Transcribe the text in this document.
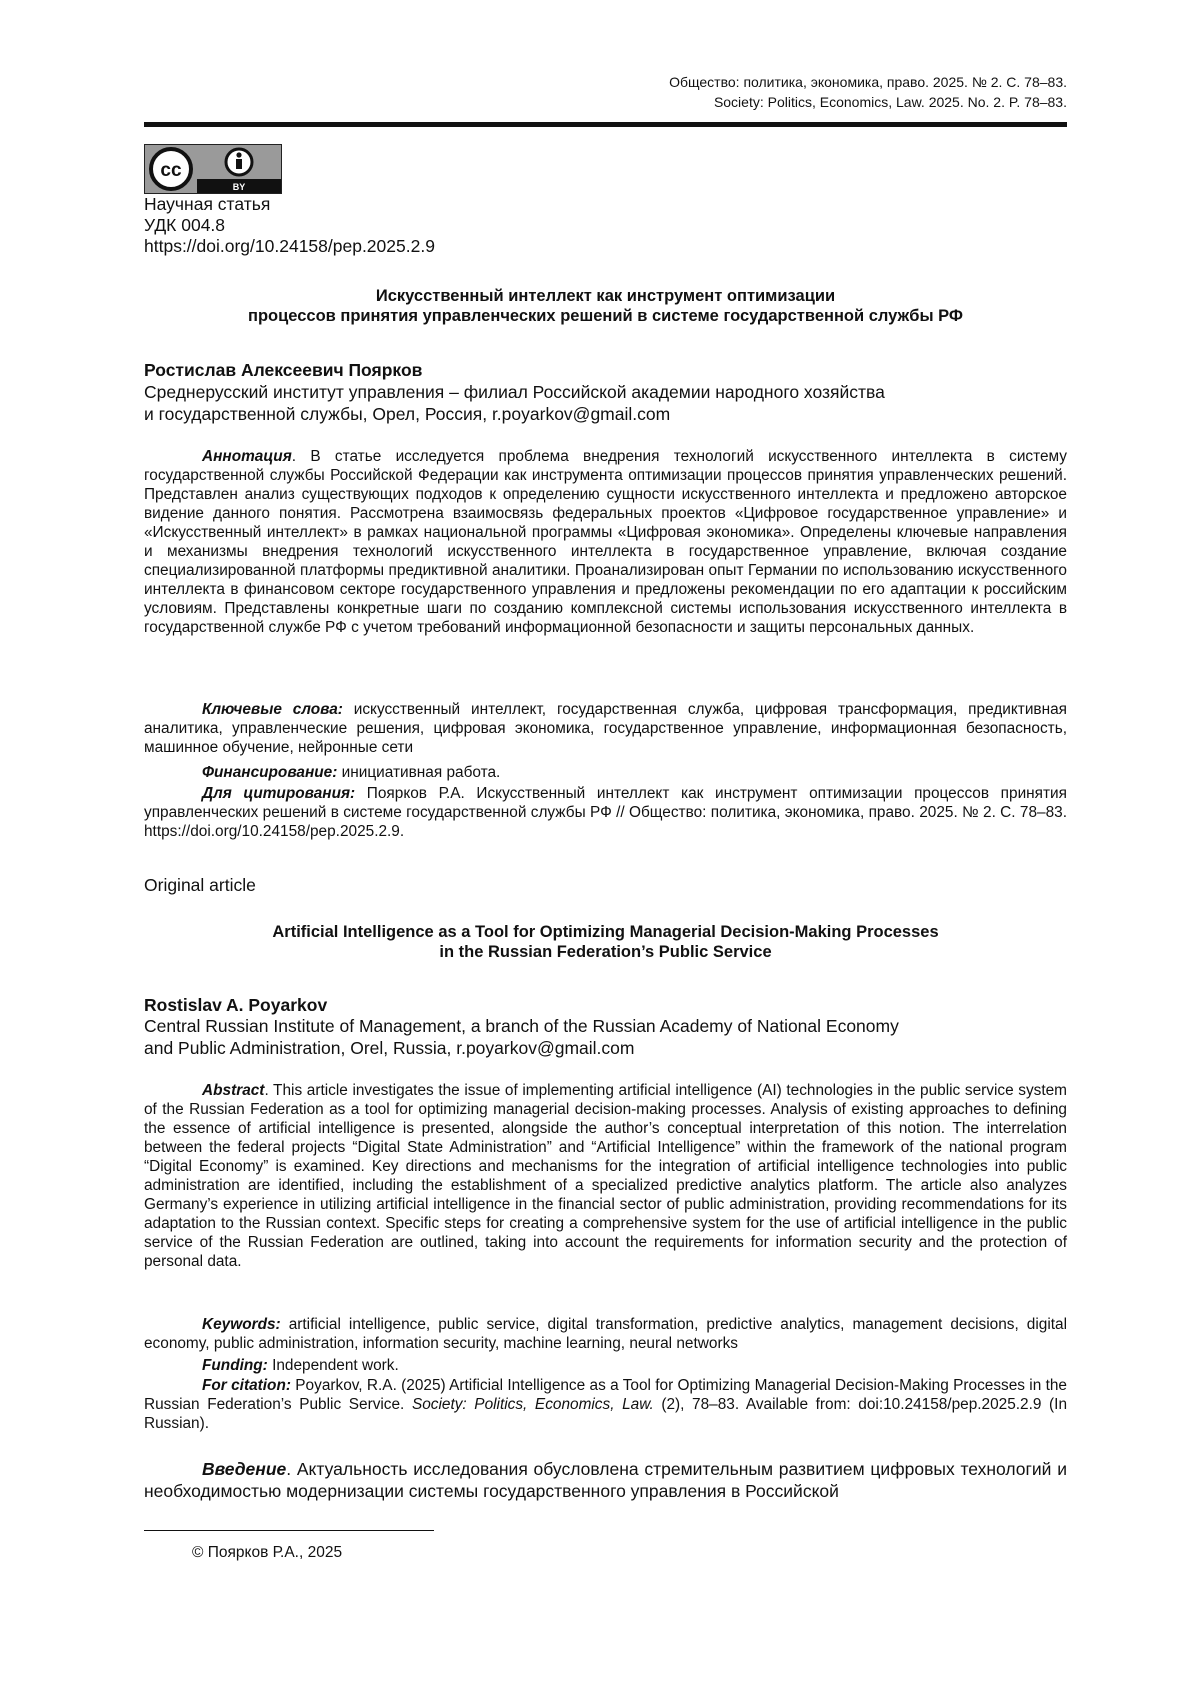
Общество: политика, экономика, право. 2025. № 2. С. 78–83.
Society: Politics, Economics, Law. 2025. No. 2. P. 78–83.
cc
BY
Научная статья
УДК 004.8
https://doi.org/10.24158/pep.2025.2.9
Искусственный интеллект как инструмент оптимизации
процессов принятия управленческих решений в системе государственной службы РФ
Ростислав Алексеевич Поярков
Среднерусский институт управления – филиал Российской академии народного хозяйства
и государственной службы, Орел, Россия, r.poyarkov@gmail.com
Аннотация. В статье исследуется проблема внедрения технологий искусственного интеллекта в систему государственной службы Российской Федерации как инструмента оптимизации процессов принятия управленческих решений. Представлен анализ существующих подходов к определению сущности искусственного интеллекта и предложено авторское видение данного понятия. Рассмотрена взаимосвязь федеральных проектов «Цифровое государственное управление» и «Искусственный интеллект» в рамках национальной программы «Цифровая экономика». Определены ключевые направления и механизмы внедрения технологий искусственного интеллекта в государственное управление, включая создание специализированной платформы предиктивной аналитики. Проанализирован опыт Германии по использованию искусственного интеллекта в финансовом секторе государственного управления и предложены рекомендации по его адаптации к российским условиям. Представлены конкретные шаги по созданию комплексной системы использования искусственного интеллекта в государственной службе РФ с учетом требований информационной безопасности и защиты персональных данных.
Ключевые слова: искусственный интеллект, государственная служба, цифровая трансформация, предиктивная аналитика, управленческие решения, цифровая экономика, государственное управление, информационная безопасность, машинное обучение, нейронные сети
Финансирование: инициативная работа.
Для цитирования: Поярков Р.А. Искусственный интеллект как инструмент оптимизации процессов принятия управленческих решений в системе государственной службы РФ // Общество: политика, экономика, право. 2025. № 2. С. 78–83. https://doi.org/10.24158/pep.2025.2.9.
Original article
Artificial Intelligence as a Tool for Optimizing Managerial Decision-Making Processes
in the Russian Federation’s Public Service
Rostislav A. Poyarkov
Central Russian Institute of Management, a branch of the Russian Academy of National Economy
and Public Administration, Orel, Russia, r.poyarkov@gmail.com
Abstract. This article investigates the issue of implementing artificial intelligence (AI) technologies in the public service system of the Russian Federation as a tool for optimizing managerial decision-making processes. Analysis of existing approaches to defining the essence of artificial intelligence is presented, alongside the author’s conceptual interpretation of this notion. The interrelation between the federal projects “Digital State Administration” and “Artificial Intelligence” within the framework of the national program “Digital Economy” is examined. Key directions and mechanisms for the integration of artificial intelligence technologies into public administration are identified, including the establishment of a specialized predictive analytics platform. The article also analyzes Germany’s experience in utilizing artificial intelligence in the financial sector of public administration, providing recommendations for its adaptation to the Russian context. Specific steps for creating a comprehensive system for the use of artificial intelligence in the public service of the Russian Federation are outlined, taking into account the requirements for information security and the protection of personal data.
Keywords: artificial intelligence, public service, digital transformation, predictive analytics, management decisions, digital economy, public administration, information security, machine learning, neural networks
Funding: Independent work.
For citation: Poyarkov, R.A. (2025) Artificial Intelligence as a Tool for Optimizing Managerial Decision-Making Processes in the Russian Federation’s Public Service. Society: Politics, Economics, Law. (2), 78–83. Available from: doi:10.24158/pep.2025.2.9 (In Russian).
Введение. Актуальность исследования обусловлена стремительным развитием цифровых технологий и необходимостью модернизации системы государственного управления в Российской
© Поярков Р.А., 2025
